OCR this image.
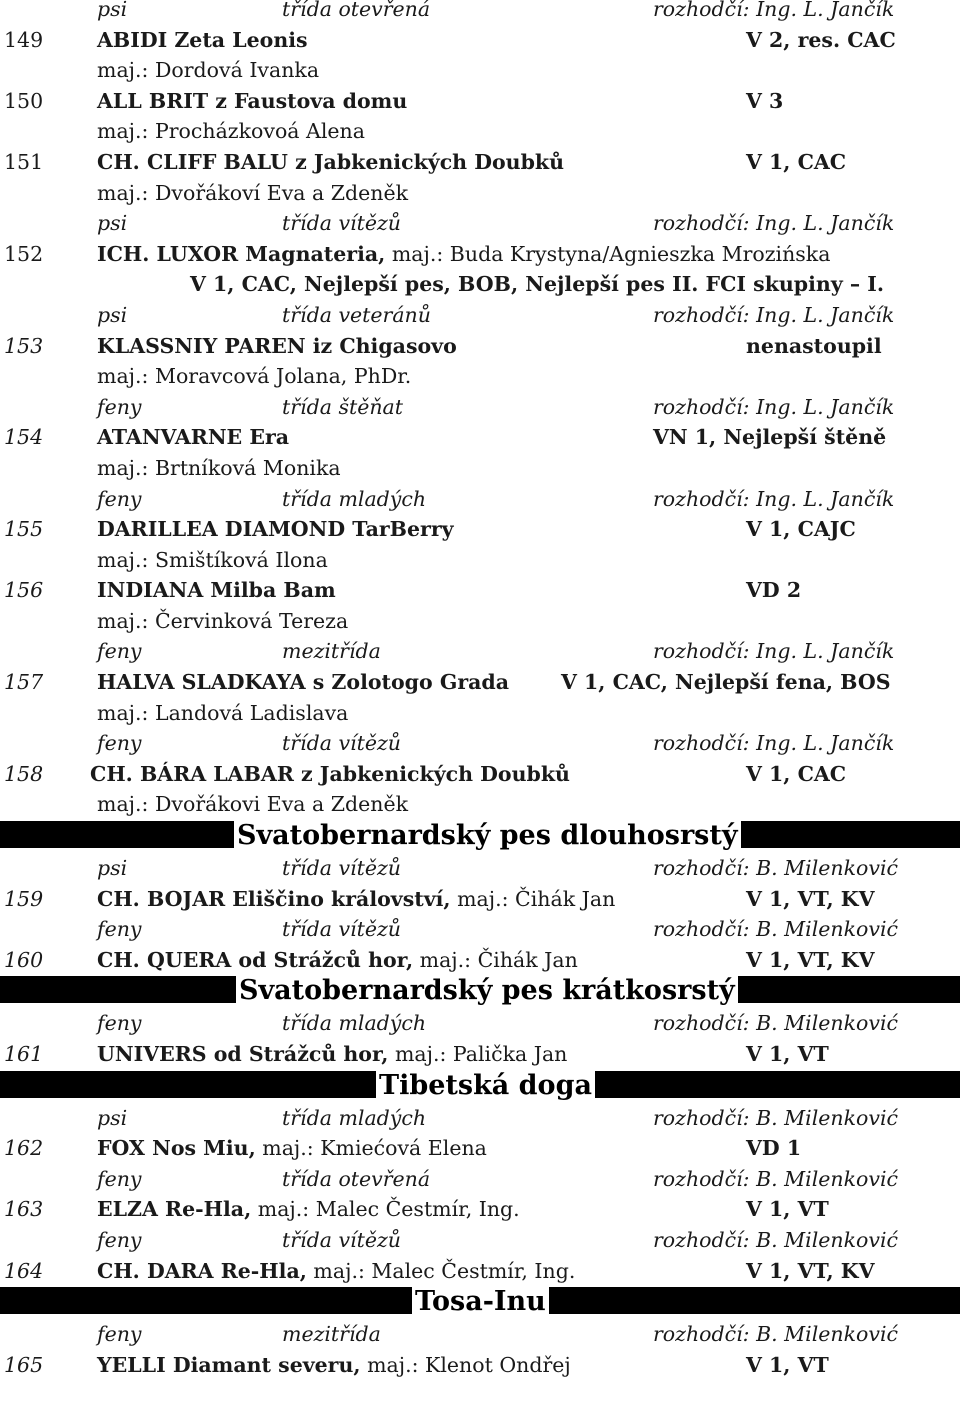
psi	třída otevřená	rozhodčí: Ing. L. Jančík
149	ABIDI Zeta Leonis	V 2, res. CAC
maj.: Dordová Ivanka
150	ALL BRIT z Faustova domu	V 3
maj.: Procházkovoá Alena
151	CH. CLIFF BALU z Jabkenických Doubků	V 1, CAC
maj.: Dvořákoví Eva a Zdeněk
psi	třída vítězů	rozhodčí: Ing. L. Jančík
152	ICH. LUXOR Magnateria, maj.: Buda Krystyna/Agnieszka Mrozińska
V 1, CAC, Nejlepší pes, BOB, Nejlepší pes II. FCI skupiny – I.
psi	třída veteránů	rozhodčí: Ing. L. Jančík
153	KLASSNIY PAREN iz Chigasovo	nenastoupil
maj.: Moravcová Jolana, PhDr.
feny	třída štěňat	rozhodčí: Ing. L. Jančík
154	ATANVARNE Era	VN 1, Nejlepší štěně
maj.: Brtníková Monika
feny	třída mladých	rozhodčí: Ing. L. Jančík
155	DARILLEA DIAMOND TarBerry	V 1, CAJC
maj.: Smištíková Ilona
156	INDIANA Milba Bam	VD 2
maj.: Červinková Tereza
feny	mezitřída	rozhodčí: Ing. L. Jančík
157	HALVA SLADKAYA s Zolotogo Grada	V 1, CAC, Nejlepší fena, BOS
maj.: Landová Ladislava
feny	třída vítězů	rozhodčí: Ing. L. Jančík
158 CH. BÁRA LABAR z Jabkenických Doubků	V 1, CAC
maj.: Dvořákovi Eva a Zdeněk
Svatobernardský pes dlouhosrstý
psi	třída vítězů	rozhodčí: B. Milenković
159	CH. BOJAR Eliščino království, maj.: Čihák Jan	V 1, VT, KV
feny	třída vítězů	rozhodčí: B. Milenković
160	CH. QUERA od Strážců hor, maj.: Čihák Jan	V 1, VT, KV
Svatobernardský pes krátkosrstý
feny	třída mladých	rozhodčí: B. Milenković
161	UNIVERS od Strážců hor, maj.: Palička Jan	V 1, VT
Tibetská doga
psi	třída mladých	rozhodčí: B. Milenković
162	FOX Nos Miu, maj.: Kmiećová Elena	VD 1
feny	třída otevřená	rozhodčí: B. Milenković
163	ELZA Re-Hla, maj.: Malec Čestmír, Ing.	V 1, VT
feny	třída vítězů	rozhodčí: B. Milenković
164	CH. DARA Re-Hla, maj.: Malec Čestmír, Ing.	V 1, VT, KV
Tosa-Inu
feny	mezitřída	rozhodčí: B. Milenković
165	YELLI Diamant severu, maj.: Klenot Ondřej	V 1, VT
